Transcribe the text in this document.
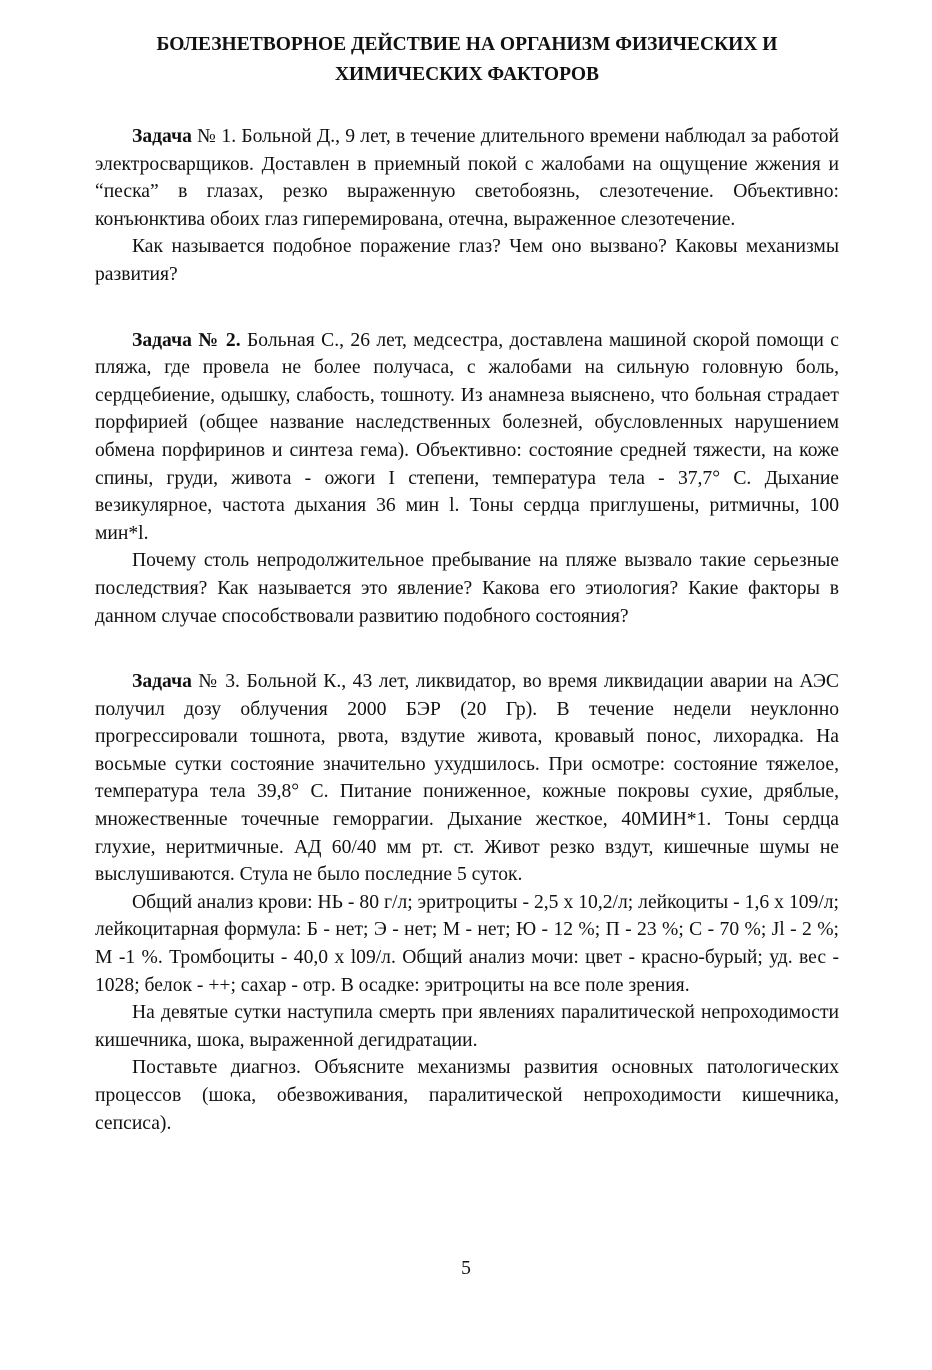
БОЛЕЗНЕТВОРНОЕ ДЕЙСТВИЕ НА ОРГАНИЗМ ФИЗИЧЕСКИХ И
ХИМИЧЕСКИХ ФАКТОРОВ

Задача № 1. Больной Д., 9 лет, в течение длительного времени наблюдал за работой электросварщиков. Доставлен в приемный покой с жалобами на ощущение жжения и “песка” в глазах, резко выраженную светобоязнь, слезотечение. Объективно: конъюнктива обоих глаз гиперемирована, отечна, выраженное слезотечение.

Как называется подобное поражение глаз? Чем оно вызвано? Каковы механизмы развития?

Задача № 2. Больная С., 26 лет, медсестра, доставлена машиной скорой помощи с пляжа, где провела не более получаса, с жалобами на сильную головную боль, сердцебиение, одышку, слабость, тошноту. Из анамнеза выяснено, что больная страдает порфирией (общее название наследственных болезней, обусловленных нарушением обмена порфиринов и синтеза гема). Объективно: состояние средней тяжести, на коже спины, груди, живота - ожоги I степени, температура тела - 37,7° С. Дыхание везикулярное, частота дыхания 36 мин l. Тоны сердца приглушены, ритмичны, 100 мин*l.

Почему столь непродолжительное пребывание на пляже вызвало такие серьезные последствия? Как называется это явление? Какова его этиология? Какие факторы в данном случае способствовали развитию подобного состояния?

Задача № 3. Больной К., 43 лет, ликвидатор, во время ликвидации аварии на АЭС получил дозу облучения 2000 БЭР (20 Гр). В течение недели неуклонно прогрессировали тошнота, рвота, вздутие живота, кровавый понос, лихорадка. На восьмые сутки состояние значительно ухудшилось. При осмотре: состояние тяжелое, температура тела 39,8° С. Питание пониженное, кожные покровы сухие, дряблые, множественные точечные геморрагии. Дыхание жесткое, 40МИН*1. Тоны сердца глухие, неритмичные. АД 60/40 мм рт. ст. Живот резко вздут, кишечные шумы не выслушиваются. Стула не было последние 5 суток.

Общий анализ крови: НЬ - 80 г/л; эритроциты - 2,5 х 10,2/л; лейкоциты - 1,6 х 109/л; лейкоцитарная формула: Б - нет; Э - нет; М - нет; Ю - 12 %; П - 23 %; С - 70 %; Jl - 2 %; М -1 %. Тромбоциты - 40,0 х l09/л. Общий анализ мочи: цвет - красно-бурый; уд. вес - 1028; белок - ++; сахар - отр. В осадке: эритроциты на все поле зрения.

На девятые сутки наступила смерть при явлениях паралитической непроходимости кишечника, шока, выраженной дегидратации.

Поставьте диагноз. Объясните механизмы развития основных патологических процессов (шока, обезвоживания, паралитической непроходимости кишечника, сепсиса).

5
